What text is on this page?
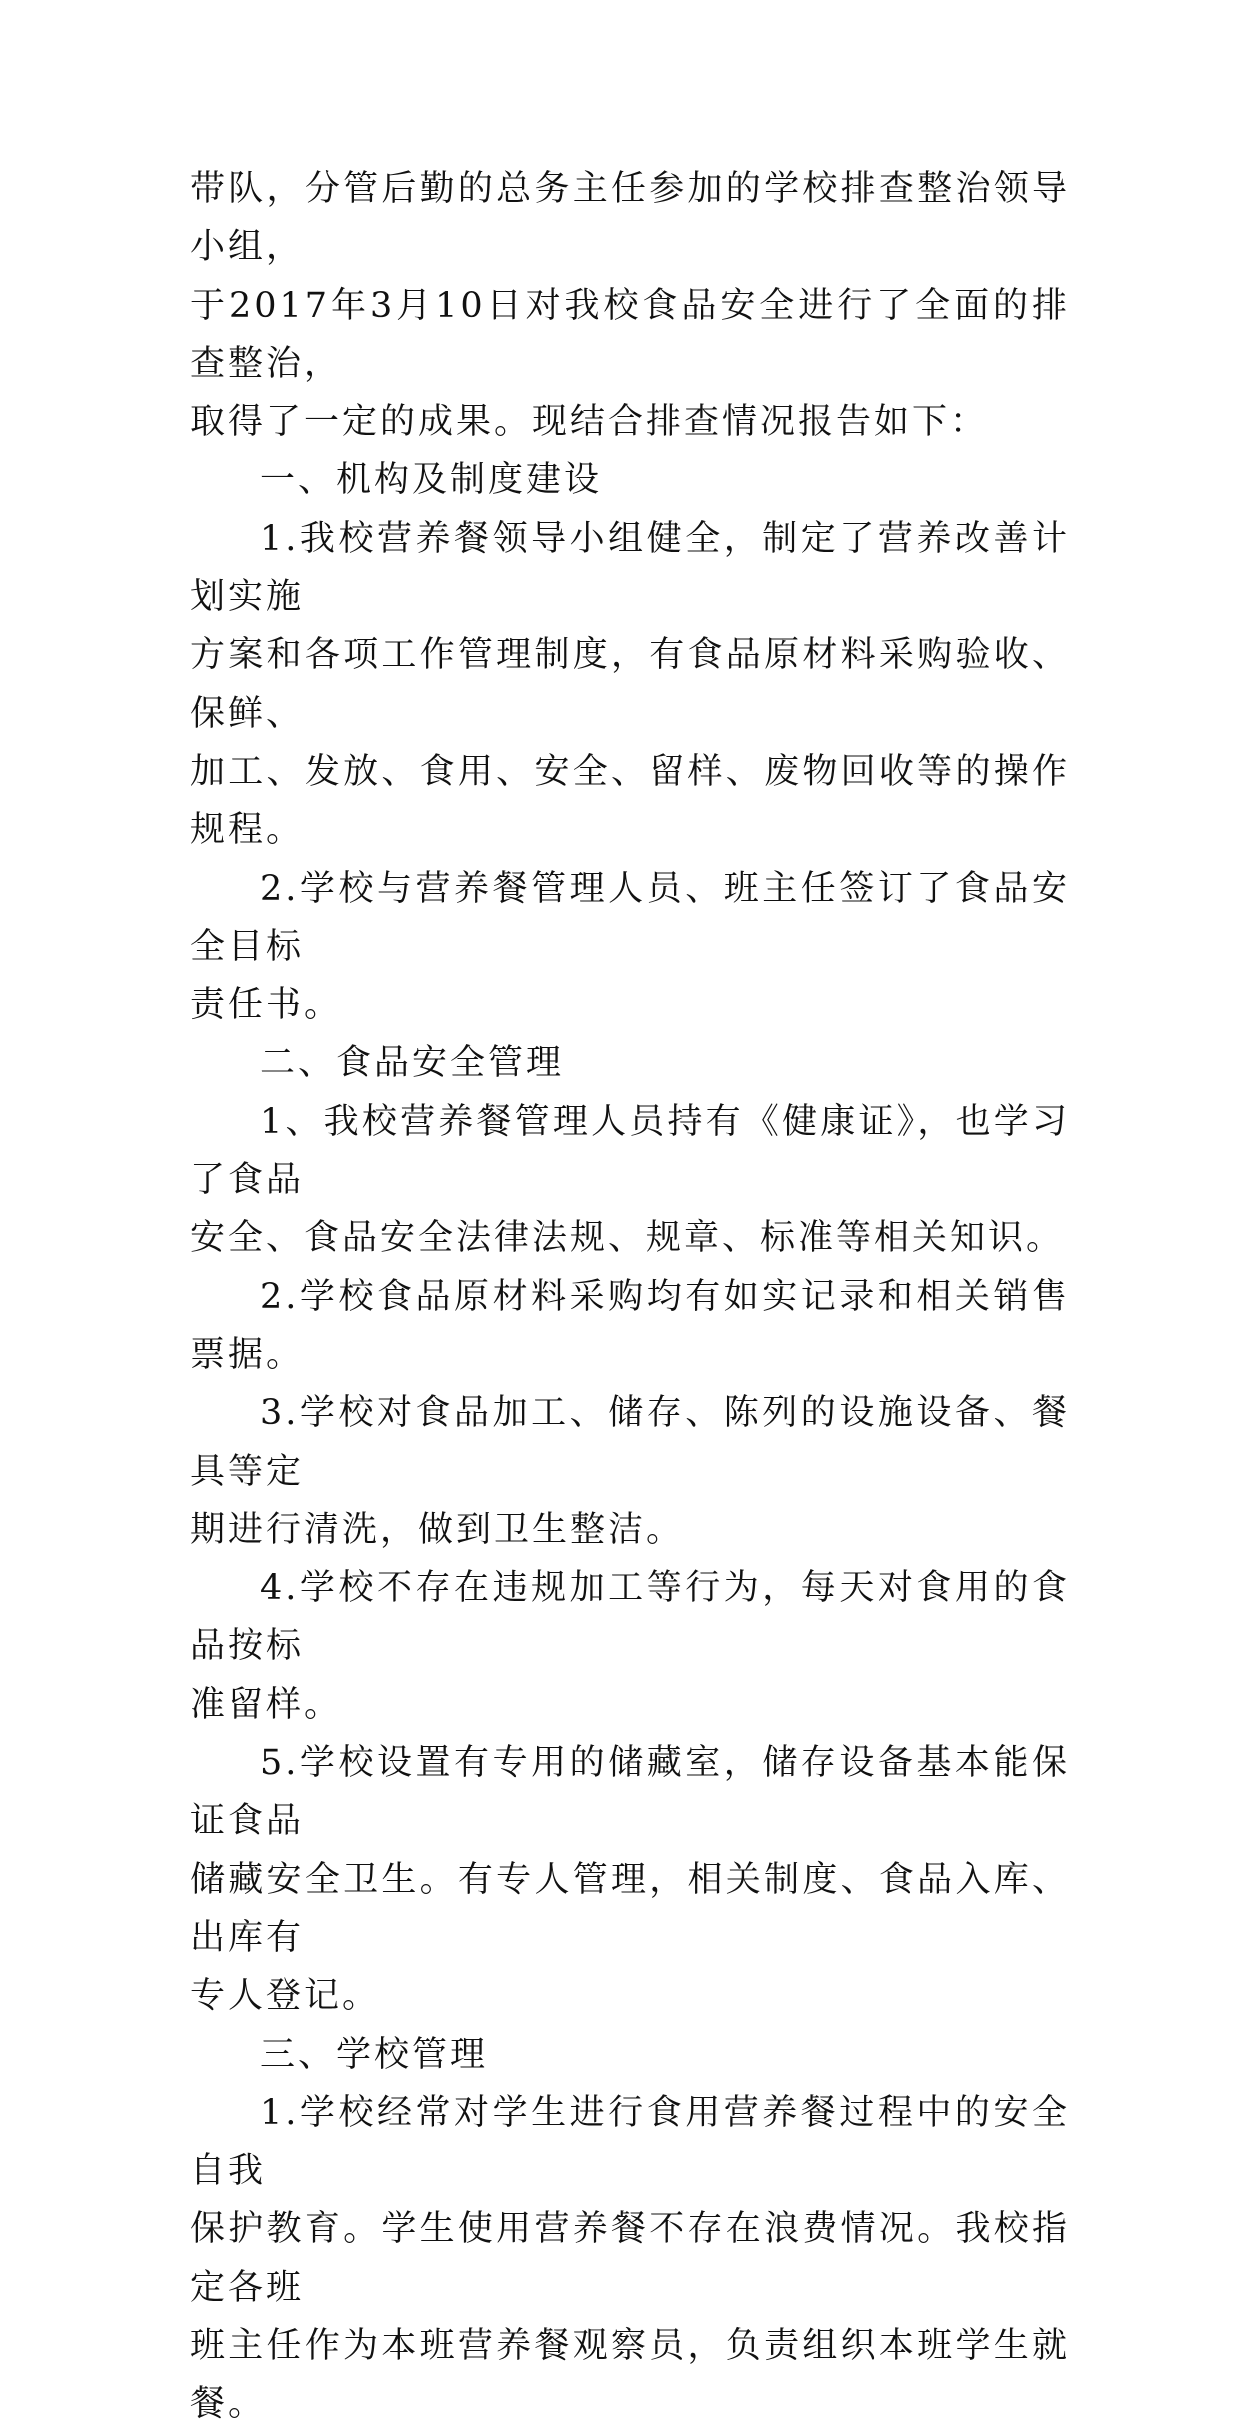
带队，分管后勤的总务主任参加的学校排查整治领导小组，
于2017年3月10日对我校食品安全进行了全面的排查整治，
取得了一定的成果。现结合排查情况报告如下：

一、机构及制度建设

1.我校营养餐领导小组健全，制定了营养改善计划实施
方案和各项工作管理制度，有食品原材料采购验收、保鲜、
加工、发放、食用、安全、留样、废物回收等的操作规程。

2.学校与营养餐管理人员、班主任签订了食品安全目标
责任书。

二、食品安全管理

1、我校营养餐管理人员持有《健康证》，也学习了食品
安全、食品安全法律法规、规章、标准等相关知识。

2.学校食品原材料采购均有如实记录和相关销售票据。

3.学校对食品加工、储存、陈列的设施设备、餐具等定
期进行清洗，做到卫生整洁。

4.学校不存在违规加工等行为，每天对食用的食品按标
准留样。

5.学校设置有专用的储藏室，储存设备基本能保证食品
储藏安全卫生。有专人管理，相关制度、食品入库、出库有
专人登记。

三、学校管理

1.学校经常对学生进行食用营养餐过程中的安全自我
保护教育。学生使用营养餐不存在浪费情况。我校指定各班
班主任作为本班营养餐观察员，负责组织本班学生就餐。
